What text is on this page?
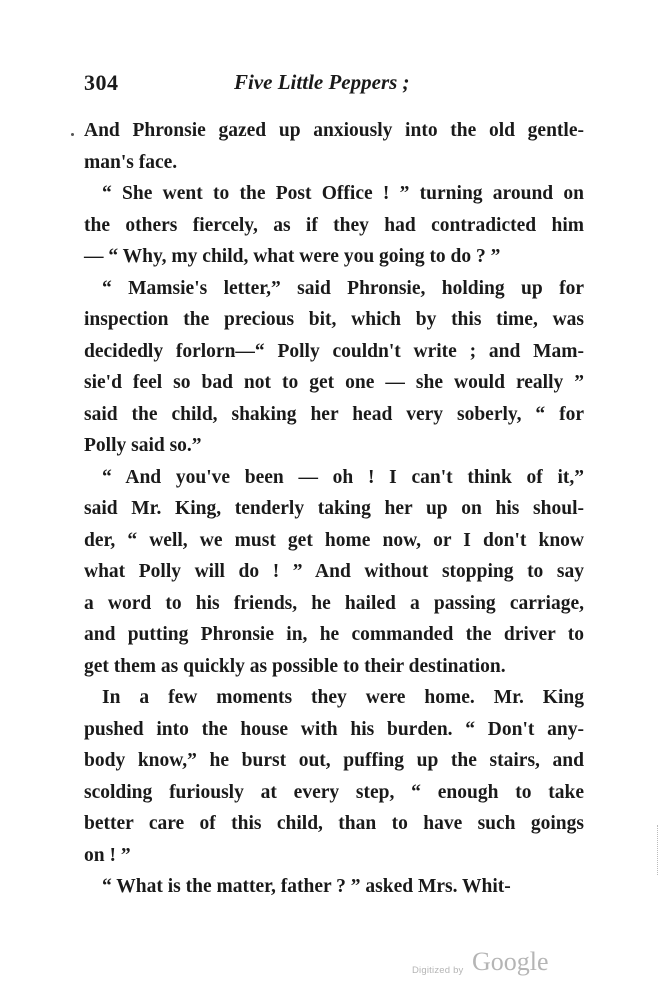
304	Five Little Peppers ;
And Phronsie gazed up anxiously into the old gentle-
man's face.
“ She went to the Post Office ! ” turning around on
the others fiercely, as if they had contradicted him
— “ Why, my child, what were you going to do ? ”
“ Mamsie's letter,” said Phronsie, holding up for
inspection the precious bit, which by this time, was
decidedly forlorn—“ Polly couldn't write ; and Mam-
sie'd feel so bad not to get one — she would really ”
said the child, shaking her head very soberly, “ for
Polly said so.”
“ And you've been — oh ! I can't think of it,”
said Mr. King, tenderly taking her up on his shoul-
der, “ well, we must get home now, or I don't know
what Polly will do ! ” And without stopping to say
a word to his friends, he hailed a passing carriage,
and putting Phronsie in, he commanded the driver to
get them as quickly as possible to their destination.
In a few moments they were home. Mr. King
pushed into the house with his burden. “ Don't any-
body know,” he burst out, puffing up the stairs, and
scolding furiously at every step, “ enough to take
better care of this child, than to have such goings
on ! ”
“ What is the matter, father ? ” asked Mrs. Whit-
Digitized by Google
